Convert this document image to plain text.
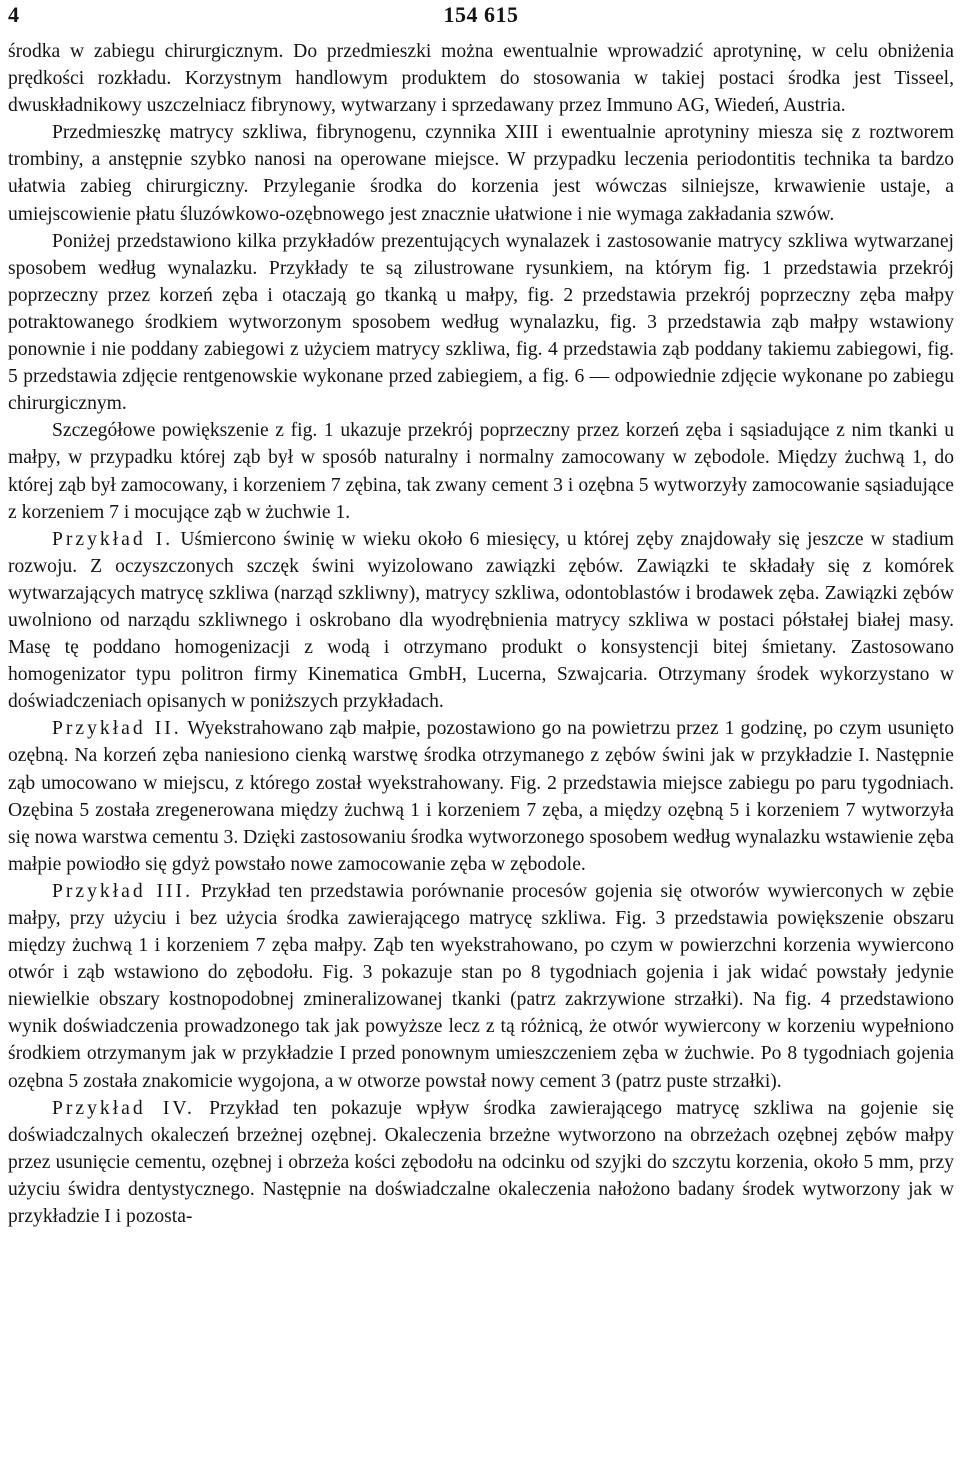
4	154 615

środka w zabiegu chirurgicznym. Do przedmieszki można ewentualnie wprowadzić aprotyninę, w celu obniżenia prędkości rozkładu. Korzystnym handlowym produktem do stosowania w takiej postaci środka jest Tisseel, dwuskładnikowy uszczelniacz fibrynowy, wytwarzany i sprzedawany przez Immuno AG, Wiedeń, Austria.

Przedmieszkę matrycy szkliwa, fibrynogenu, czynnika XIII i ewentualnie aprotyniny miesza się z roztworem trombiny, a anstępnie szybko nanosi na operowane miejsce. W przypadku leczenia periodontitis technika ta bardzo ułatwia zabieg chirurgiczny. Przyleganie środka do korzenia jest wówczas silniejsze, krwawienie ustaje, a umiejscowienie płatu śluzówkowo-ozębnowego jest znacznie ułatwione i nie wymaga zakładania szwów.

Poniżej przedstawiono kilka przykładów prezentujących wynalazek i zastosowanie matrycy szkliwa wytwarzanej sposobem według wynalazku. Przykłady te są zilustrowane rysunkiem, na którym fig. 1 przedstawia przekrój poprzeczny przez korzeń zęba i otaczają go tkanką u małpy, fig. 2 przedstawia przekrój poprzeczny zęba małpy potraktowanego środkiem wytworzonym sposobem według wynalazku, fig. 3 przedstawia ząb małpy wstawiony ponownie i nie poddany zabiegowi z użyciem matrycy szkliwa, fig. 4 przedstawia ząb poddany takiemu zabiegowi, fig. 5 przedstawia zdjęcie rentgenowskie wykonane przed zabiegiem, a fig. 6 — odpowiednie zdjęcie wykonane po zabiegu chirurgicznym.

Szczegółowe powiększenie z fig. 1 ukazuje przekrój poprzeczny przez korzeń zęba i sąsiadujące z nim tkanki u małpy, w przypadku której ząb był w sposób naturalny i normalny zamocowany w zębodole. Między żuchwą 1, do której ząb był zamocowany, i korzeniem 7 zębina, tak zwany cement 3 i ozębna 5 wytworzyły zamocowanie sąsiadujące z korzeniem 7 i mocujące ząb w żuchwie 1.

Przykład I. Uśmiercono świnię w wieku około 6 miesięcy, u której zęby znajdowały się jeszcze w stadium rozwoju. Z oczyszczonych szczęk świni wyizolowano zawiązki zębów. Zawiązki te składały się z komórek wytwarzających matrycę szkliwa (narząd szkliwny), matrycy szkliwa, odontoblastów i brodawek zęba. Zawiązki zębów uwolniono od narządu szkliwnego i oskrobano dla wyodrębnienia matrycy szkliwa w postaci półstałej białej masy. Masę tę poddano homogenizacji z wodą i otrzymano produkt o konsystencji bitej śmietany. Zastosowano homogenizator typu politron firmy Kinematica GmbH, Lucerna, Szwajcaria. Otrzymany środek wykorzystano w doświadczeniach opisanych w poniższych przykładach.

Przykład II. Wyekstrahowano ząb małpie, pozostawiono go na powietrzu przez 1 godzinę, po czym usunięto ozębną. Na korzeń zęba naniesiono cienką warstwę środka otrzymanego z zębów świni jak w przykładzie I. Następnie ząb umocowano w miejscu, z którego został wyekstrahowany. Fig. 2 przedstawia miejsce zabiegu po paru tygodniach. Ozębina 5 została zregenerowana między żuchwą 1 i korzeniem 7 zęba, a między ozębną 5 i korzeniem 7 wytworzyła się nowa warstwa cementu 3. Dzięki zastosowaniu środka wytworzonego sposobem według wynalazku wstawienie zęba małpie powiodło się gdyż powstało nowe zamocowanie zęba w zębodole.

Przykład III. Przykład ten przedstawia porównanie procesów gojenia się otworów wywierconych w zębie małpy, przy użyciu i bez użycia środka zawierającego matrycę szkliwa. Fig. 3 przedstawia powiększenie obszaru między żuchwą 1 i korzeniem 7 zęba małpy. Ząb ten wyekstrahowano, po czym w powierzchni korzenia wywiercono otwór i ząb wstawiono do zębodołu. Fig. 3 pokazuje stan po 8 tygodniach gojenia i jak widać powstały jedynie niewielkie obszary kostnopodobnej zmineralizowanej tkanki (patrz zakrzywione strzałki). Na fig. 4 przedstawiono wynik doświadczenia prowadzonego tak jak powyższe lecz z tą różnicą, że otwór wywiercony w korzeniu wypełniono środkiem otrzymanym jak w przykładzie I przed ponownym umieszczeniem zęba w żuchwie. Po 8 tygodniach gojenia ozębna 5 została znakomicie wygojona, a w otworze powstał nowy cement 3 (patrz puste strzałki).

Przykład IV. Przykład ten pokazuje wpływ środka zawierającego matrycę szkliwa na gojenie się doświadczalnych okaleczeń brzeżnej ozębnej. Okaleczenia brzeżne wytworzono na obrzeżach ozębnej zębów małpy przez usunięcie cementu, ozębnej i obrzeża kości zębodołu na odcinku od szyjki do szczytu korzenia, około 5 mm, przy użyciu świdra dentystycznego. Następnie na doświadczalne okaleczenia nałożono badany środek wytworzony jak w przykładzie I i pozosta-
